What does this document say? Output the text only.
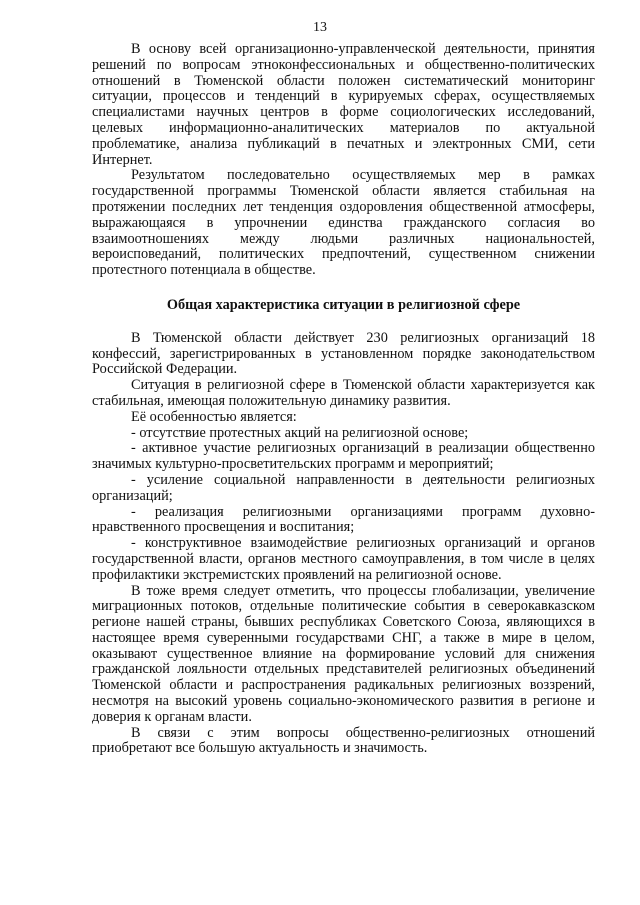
13

В основу всей организационно-управленческой деятельности, принятия решений по вопросам этноконфессиональных и общественно-политических отношений в Тюменской области положен систематический мониторинг ситуации, процессов и тенденций в курируемых сферах, осуществляемых специалистами научных центров в форме социологических исследований, целевых информационно-аналитических материалов по актуальной проблематике, анализа публикаций в печатных и электронных СМИ, сети Интернет.

Результатом последовательно осуществляемых мер в рамках государственной программы Тюменской области является стабильная на протяжении последних лет тенденция оздоровления общественной атмосферы, выражающаяся в упрочнении единства гражданского согласия во взаимоотношениях между людьми различных национальностей, вероисповеданий, политических предпочтений, существенном снижении протестного потенциала в обществе.

Общая характеристика ситуации в религиозной сфере

В Тюменской области действует 230 религиозных организаций 18 конфессий, зарегистрированных в установленном порядке законодательством Российской Федерации.

Ситуация в религиозной сфере в Тюменской области характеризуется как стабильная, имеющая положительную динамику развития.

Её особенностью является:

- отсутствие протестных акций на религиозной основе;

- активное участие религиозных организаций в реализации общественно значимых культурно-просветительских программ и мероприятий;

- усиление социальной направленности в деятельности религиозных организаций;

- реализация религиозными организациями программ духовно-нравственного просвещения и воспитания;

- конструктивное взаимодействие религиозных организаций и органов государственной власти, органов местного самоуправления, в том числе в целях профилактики экстремистских проявлений на религиозной основе.

В тоже время следует отметить, что процессы глобализации, увеличение миграционных потоков, отдельные политические события в северокавказском регионе нашей страны, бывших республиках Советского Союза, являющихся в настоящее время суверенными государствами СНГ, а также в мире в целом, оказывают существенное влияние на формирование условий для снижения гражданской лояльности отдельных представителей религиозных объединений Тюменской области и распространения радикальных религиозных воззрений, несмотря на высокий уровень социально-экономического развития в регионе и доверия к органам власти.

В связи с этим вопросы общественно-религиозных отношений приобретают все большую актуальность и значимость.
